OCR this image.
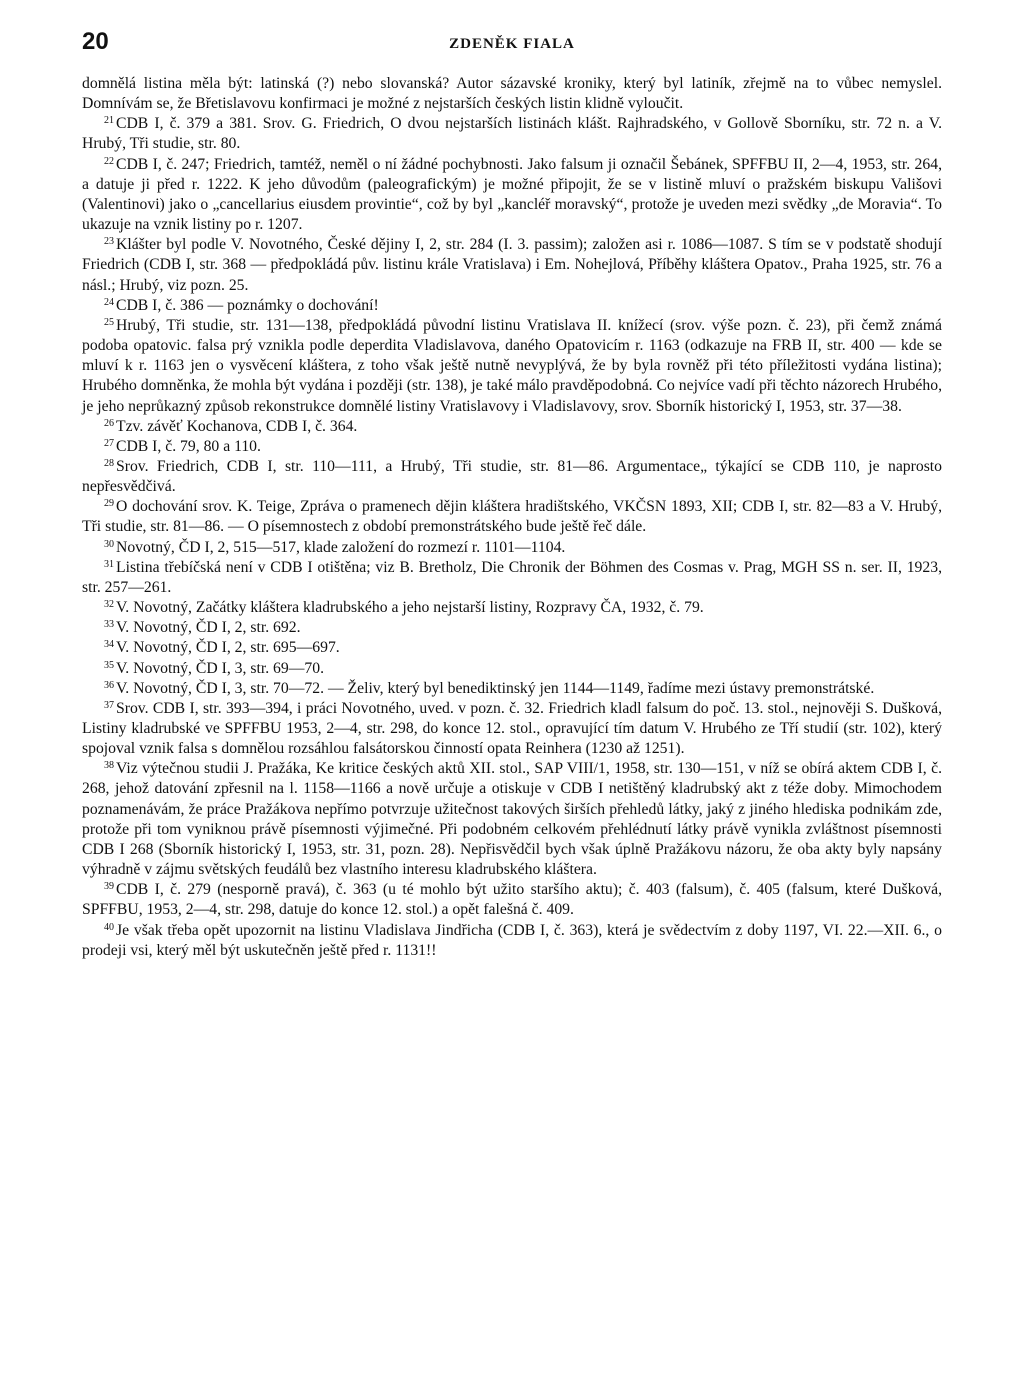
20	ZDENĚK FIALA

domnělá listina měla být: latinská (?) nebo slovanská? Autor sázavské kroniky, který byl latiník, zřejmě na to vůbec nemyslel. Domnívám se, že Břetislavovu konfirmaci je možné z nejstarších českých listin klidně vyloučit.

$^{21}$ CDB I, č. 379 a 381. Srov. G. Friedrich, O dvou nejstarších listinách klášt. Rajhradského, v Gollově Sborníku, str. 72 n. a V. Hrubý, Tři studie, str. 80.

$^{22}$ CDB I, č. 247; Friedrich, tamtéž, neměl o ní žádné pochybnosti. Jako falsum ji označil Šebánek, SPFFBU II, 2—4, 1953, str. 264, a datuje ji před r. 1222. K jeho důvodům (paleografickým) je možné připojit, že se v listině mluví o pražském biskupu Vališovi (Valentinovi) jako o „cancellarius eiusdem provintie“, což by byl „kancléř moravský“, protože je uveden mezi svědky „de Moravia“. To ukazuje na vznik listiny po r. 1207.

$^{23}$ Klášter byl podle V. Novotného, České dějiny I, 2, str. 284 (I. 3. passim); založen asi r. 1086—1087. S tím se v podstatě shodují Friedrich (CDB I, str. 368 — předpokládá pův. listinu krále Vratislava) i Em. Nohejlová, Příběhy kláštera Opatov., Praha 1925, str. 76 a násl.; Hrubý, viz pozn. 25.

$^{24}$ CDB I, č. 386 — poznámky o dochování!

$^{25}$ Hrubý, Tři studie, str. 131—138, předpokládá původní listinu Vratislava II. knížecí (srov. výše pozn. č. 23), při čemž známá podoba opatovic. falsa prý vznikla podle deperdita Vladislavova, daného Opatovicím r. 1163 (odkazuje na FRB II, str. 400 — kde se mluví k r. 1163 jen o vysvěcení kláštera, z toho však ještě nutně nevyplývá, že by byla rovněž při této příležitosti vydána listina); Hrubého domněnka, že mohla být vydána i později (str. 138), je také málo pravděpodobná. Co nejvíce vadí při těchto názorech Hrubého, je jeho neprůkazný způsob rekonstrukce domnělé listiny Vratislavovy i Vladislavovy, srov. Sborník historický I, 1953, str. 37—38.

$^{26}$ Tzv. závěť Kochanova, CDB I, č. 364.

$^{27}$ CDB I, č. 79, 80 a 110.

$^{28}$ Srov. Friedrich, CDB I, str. 110—111, a Hrubý, Tři studie, str. 81—86. Argumentace„ týkající se CDB 110, je naprosto nepřesvědčivá.

$^{29}$ O dochování srov. K. Teige, Zpráva o pramenech dějin kláštera hradištského, VKČSN 1893, XII; CDB I, str. 82—83 a V. Hrubý, Tři studie, str. 81—86. — O písemnostech z období premonstrátského bude ještě řeč dále.

$^{30}$ Novotný, ČD I, 2, 515—517, klade založení do rozmezí r. 1101—1104.

$^{31}$ Listina třebíčská není v CDB I otištěna; viz B. Bretholz, Die Chronik der Böhmen des Cosmas v. Prag, MGH SS n. ser. II, 1923, str. 257—261.

$^{32}$ V. Novotný, Začátky kláštera kladrubského a jeho nejstarší listiny, Rozpravy ČA, 1932, č. 79.

$^{33}$ V. Novotný, ČD I, 2, str. 692.

$^{34}$ V. Novotný, ČD I, 2, str. 695—697.

$^{35}$ V. Novotný, ČD I, 3, str. 69—70.

$^{36}$ V. Novotný, ČD I, 3, str. 70—72. — Želiv, který byl benediktinský jen 1144—1149, řadíme mezi ústavy premonstrátské.

$^{37}$ Srov. CDB I, str. 393—394, i práci Novotného, uved. v pozn. č. 32. Friedrich kladl falsum do poč. 13. stol., nejnověji S. Dušková, Listiny kladrubské ve SPFFBU 1953, 2—4, str. 298, do konce 12. stol., opravující tím datum V. Hrubého ze Tří studií (str. 102), který spojoval vznik falsa s domnělou rozsáhlou falsátorskou činností opata Reinhera (1230 až 1251).

$^{38}$ Viz výtečnou studii J. Pražáka, Ke kritice českých aktů XII. stol., SAP VIII/1, 1958, str. 130—151, v níž se obírá aktem CDB I, č. 268, jehož datování zpřesnil na l. 1158—1166 a nově určuje a otiskuje v CDB I netištěný kladrubský akt z téže doby. Mimochodem poznamenávám, že práce Pražákova nepřímo potvrzuje užitečnost takových širších přehledů látky, jaký z jiného hlediska podnikám zde, protože při tom vyniknou právě písemnosti výjimečné. Při podobném celkovém přehlédnutí látky právě vynikla zvláštnost písemnosti CDB I 268 (Sborník historický I, 1953, str. 31, pozn. 28). Nepřisvědčil bych však úplně Pražákovu názoru, že oba akty byly napsány výhradně v zájmu světských feudálů bez vlastního interesu kladrubského kláštera.

$^{39}$ CDB I, č. 279 (nesporně pravá), č. 363 (u té mohlo být užito staršího aktu); č. 403 (falsum), č. 405 (falsum, které Dušková, SPFFBU, 1953, 2—4, str. 298, datuje do konce 12. stol.) a opět falešná č. 409.

$^{40}$ Je však třeba opět upozornit na listinu Vladislava Jindřicha (CDB I, č. 363), která je svědectvím z doby 1197, VI. 22.—XII. 6., o prodeji vsi, který měl být uskutečněn ještě před r. 1131!!
